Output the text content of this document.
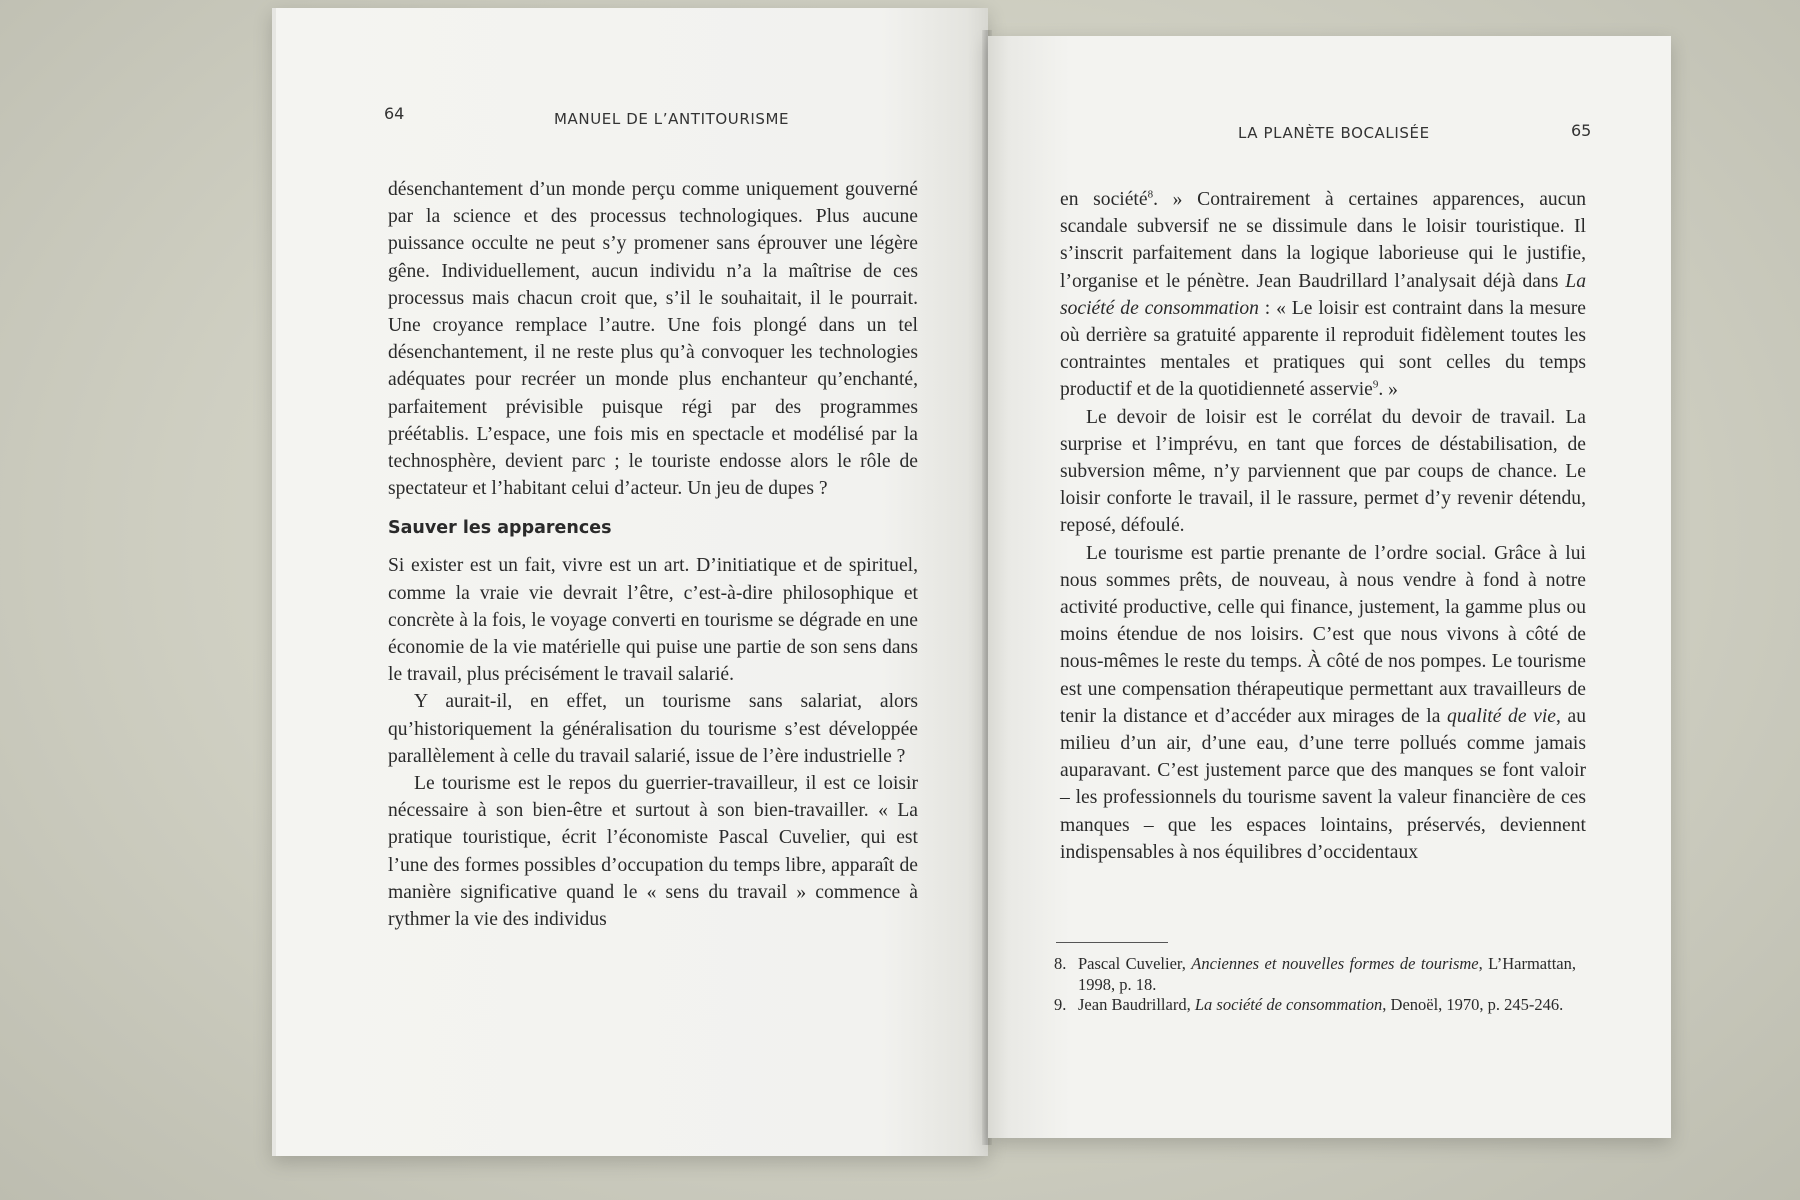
64	MANUEL DE L’ANTITOURISME

désenchantement d’un monde perçu comme uniquement gouverné par la science et des processus technologiques. Plus aucune puissance occulte ne peut s’y promener sans éprouver une légère gêne. Individuellement, aucun individu n’a la maîtrise de ces processus mais chacun croit que, s’il le souhaitait, il le pourrait. Une croyance remplace l’autre. Une fois plongé dans un tel désenchantement, il ne reste plus qu’à convoquer les technologies adéquates pour recréer un monde plus enchanteur qu’enchanté, parfaitement prévisible puisque régi par des programmes préétablis. L’espace, une fois mis en spectacle et modélisé par la technosphère, devient parc ; le touriste endosse alors le rôle de spectateur et l’habitant celui d’acteur. Un jeu de dupes ?

Sauver les apparences

Si exister est un fait, vivre est un art. D’initiatique et de spirituel, comme la vraie vie devrait l’être, c’est-à-dire philosophique et concrète à la fois, le voyage converti en tourisme se dégrade en une économie de la vie matérielle qui puise une partie de son sens dans le travail, plus précisément le travail salarié.

Y aurait-il, en effet, un tourisme sans salariat, alors qu’historiquement la généralisation du tourisme s’est développée parallèlement à celle du travail salarié, issue de l’ère industrielle ?

Le tourisme est le repos du guerrier-travailleur, il est ce loisir nécessaire à son bien-être et surtout à son bien-travailler. « La pratique touristique, écrit l’économiste Pascal Cuvelier, qui est l’une des formes possibles d’occupation du temps libre, apparaît de manière significative quand le « sens du travail » commence à rythmer la vie des individus

LA PLANÈTE BOCALISÉE	65

en société$^8$. » Contrairement à certaines apparences, aucun scandale subversif ne se dissimule dans le loisir touristique. Il s’inscrit parfaitement dans la logique laborieuse qui le justifie, l’organise et le pénètre. Jean Baudrillard l’analysait déjà dans La société de consommation : « Le loisir est contraint dans la mesure où derrière sa gratuité apparente il reproduit fidèlement toutes les contraintes mentales et pratiques qui sont celles du temps productif et de la quotidienneté asservie$^9$. »

Le devoir de loisir est le corrélat du devoir de travail. La surprise et l’imprévu, en tant que forces de déstabilisation, de subversion même, n’y parviennent que par coups de chance. Le loisir conforte le travail, il le rassure, permet d’y revenir détendu, reposé, défoulé.

Le tourisme est partie prenante de l’ordre social. Grâce à lui nous sommes prêts, de nouveau, à nous vendre à fond à notre activité productive, celle qui finance, justement, la gamme plus ou moins étendue de nos loisirs. C’est que nous vivons à côté de nous-mêmes le reste du temps. À côté de nos pompes. Le tourisme est une compensation thérapeutique permettant aux travailleurs de tenir la distance et d’accéder aux mirages de la qualité de vie, au milieu d’un air, d’une eau, d’une terre pollués comme jamais auparavant. C’est justement parce que des manques se font valoir – les professionnels du tourisme savent la valeur financière de ces manques – que les espaces lointains, préservés, deviennent indispensables à nos équilibres d’occidentaux

8. Pascal Cuvelier, Anciennes et nouvelles formes de tourisme, L’Harmattan, 1998, p. 18.
9. Jean Baudrillard, La société de consommation, Denoël, 1970, p. 245-246.
